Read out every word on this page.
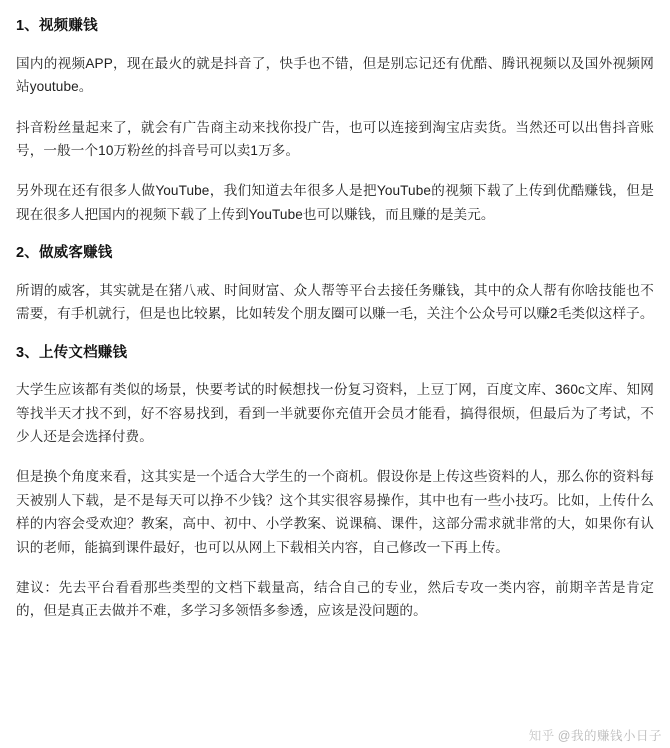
1、视频赚钱
国内的视频APP，现在最火的就是抖音了，快手也不错，但是别忘记还有优酷、腾讯视频以及国外视频网站youtube。
抖音粉丝量起来了，就会有广告商主动来找你投广告，也可以连接到淘宝店卖货。当然还可以出售抖音账号，一般一个10万粉丝的抖音号可以卖1万多。
另外现在还有很多人做YouTube，我们知道去年很多人是把YouTube的视频下载了上传到优酷赚钱，但是现在很多人把国内的视频下载了上传到YouTube也可以赚钱，而且赚的是美元。
2、做威客赚钱
所谓的威客，其实就是在猪八戒、时间财富、众人帮等平台去接任务赚钱，其中的众人帮有你啥技能也不需要，有手机就行，但是也比较累，比如转发个朋友圈可以赚一毛，关注个公众号可以赚2毛类似这样子。
3、上传文档赚钱
大学生应该都有类似的场景，快要考试的时候想找一份复习资料，上豆丁网，百度文库、360c文库、知网等找半天才找不到，好不容易找到，看到一半就要你充值开会员才能看，搞得很烦，但最后为了考试，不少人还是会选择付费。
但是换个角度来看，这其实是一个适合大学生的一个商机。假设你是上传这些资料的人，那么你的资料每天被别人下载，是不是每天可以挣不少钱？这个其实很容易操作，其中也有一些小技巧。比如，上传什么样的内容会受欢迎？教案，高中、初中、小学教案、说课稿、课件，这部分需求就非常的大，如果你有认识的老师，能搞到课件最好，也可以从网上下载相关内容，自己修改一下再上传。
建议：先去平台看看那些类型的文档下载量高，结合自己的专业，然后专攻一类内容，前期辛苦是肯定的，但是真正去做并不难，多学习多领悟多参透，应该是没问题的。
知乎 @我的赚钱小日子
